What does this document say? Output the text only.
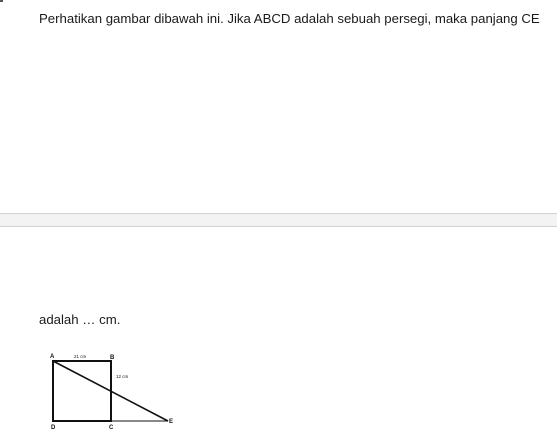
Perhatikan gambar dibawah ini. Jika ABCD adalah sebuah persegi, maka panjang CE
adalah … cm.
A	B
C
D
E
21 cm
12 cm
